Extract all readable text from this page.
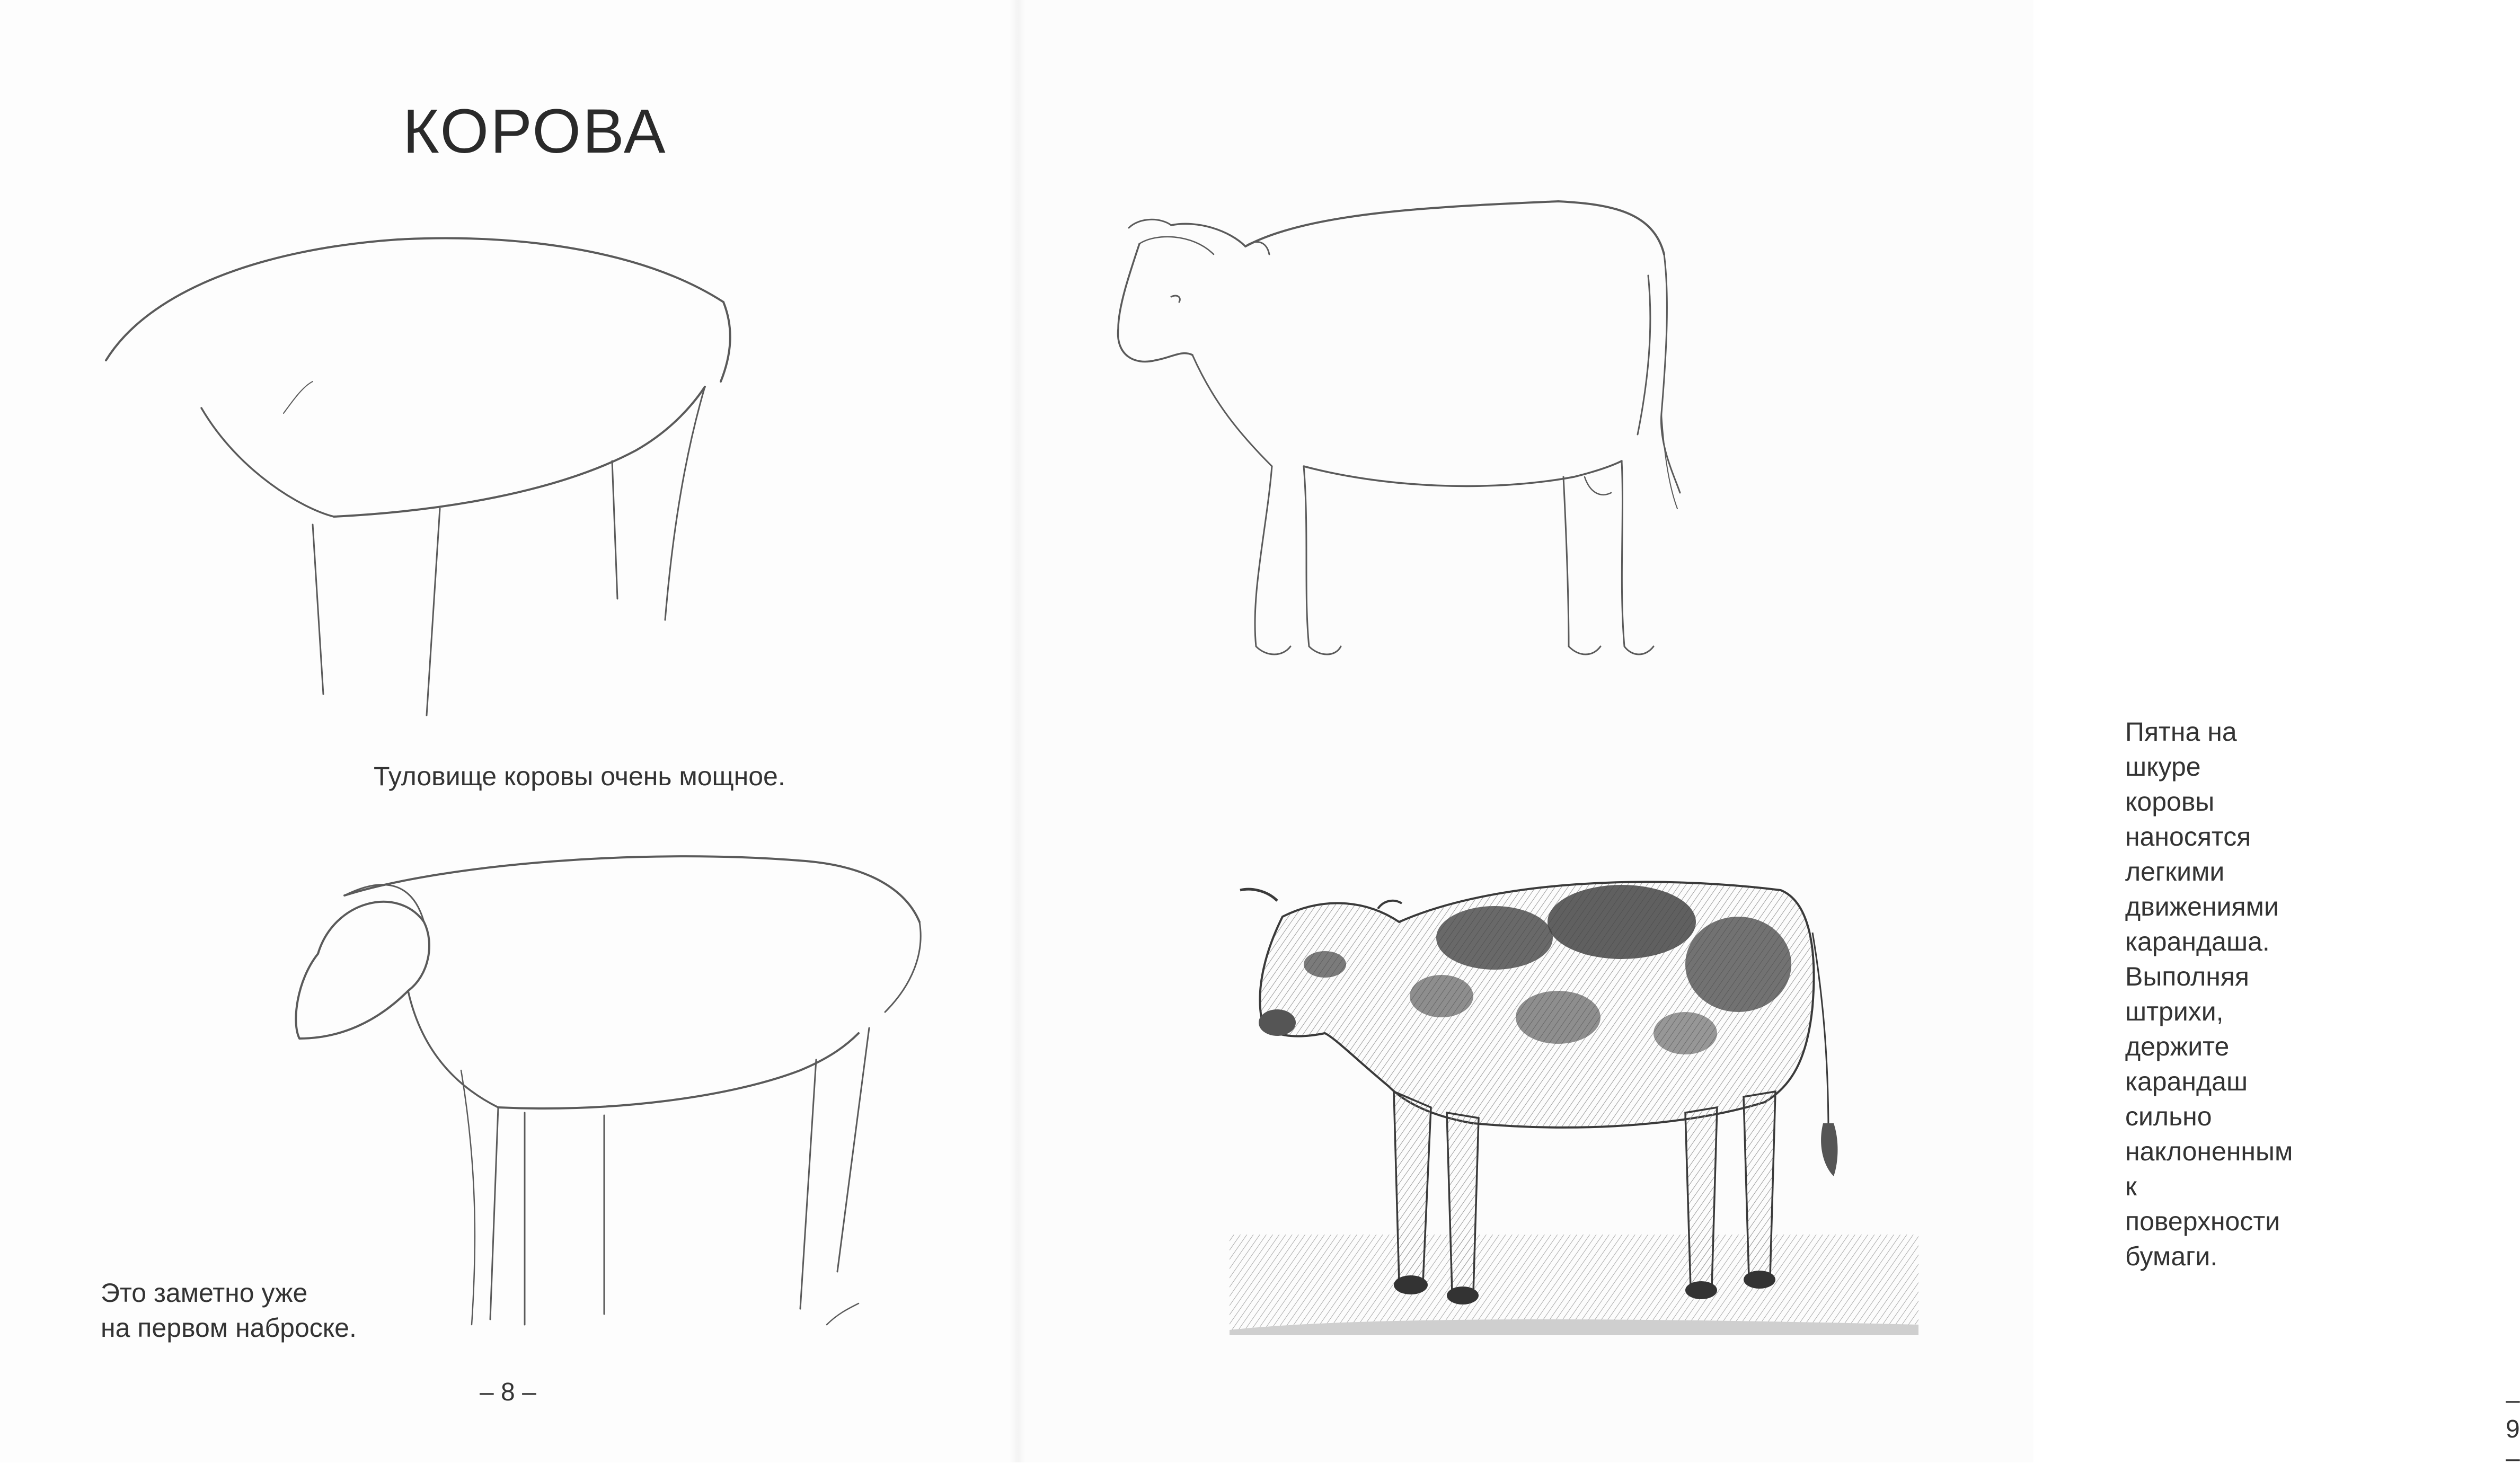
КОРОВА

Туловище коровы очень мощное.

Это заметно уже
на первом наброске.

– 8 –

Пятна на шкуре коровы наносятся легкими движениями
карандаша. Выполняя штрихи, держите карандаш сильно
наклоненным к поверхности бумаги.

– 9 –
